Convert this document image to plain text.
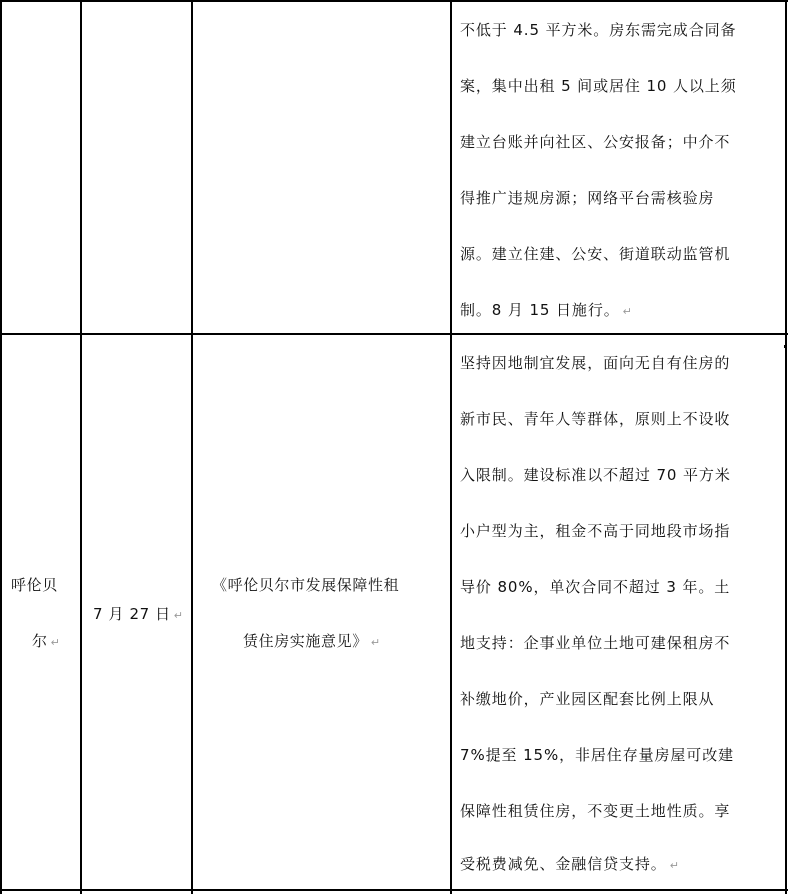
不低于 4.5 平方米。房东需完成合同备
案，集中出租 5 间或居住 10 人以上须
建立台账并向社区、公安报备；中介不
得推广违规房源；网络平台需核验房
源。建立住建、公安、街道联动监管机
制。8 月 15 日施行。 ↵
呼伦贝
尔 ↵
7 月 27 日 ↵
《呼伦贝尔市发展保障性租
赁住房实施意见》 ↵
坚持因地制宜发展，面向无自有住房的
新市民、青年人等群体，原则上不设收
入限制。建设标准以不超过 70 平方米
小户型为主，租金不高于同地段市场指
导价 80%，单次合同不超过 3 年。土
地支持：企事业单位土地可建保租房不
补缴地价，产业园区配套比例上限从
7%提至 15%，非居住存量房屋可改建
保障性租赁住房，不变更土地性质。享
受税费减免、金融信贷支持。 ↵
